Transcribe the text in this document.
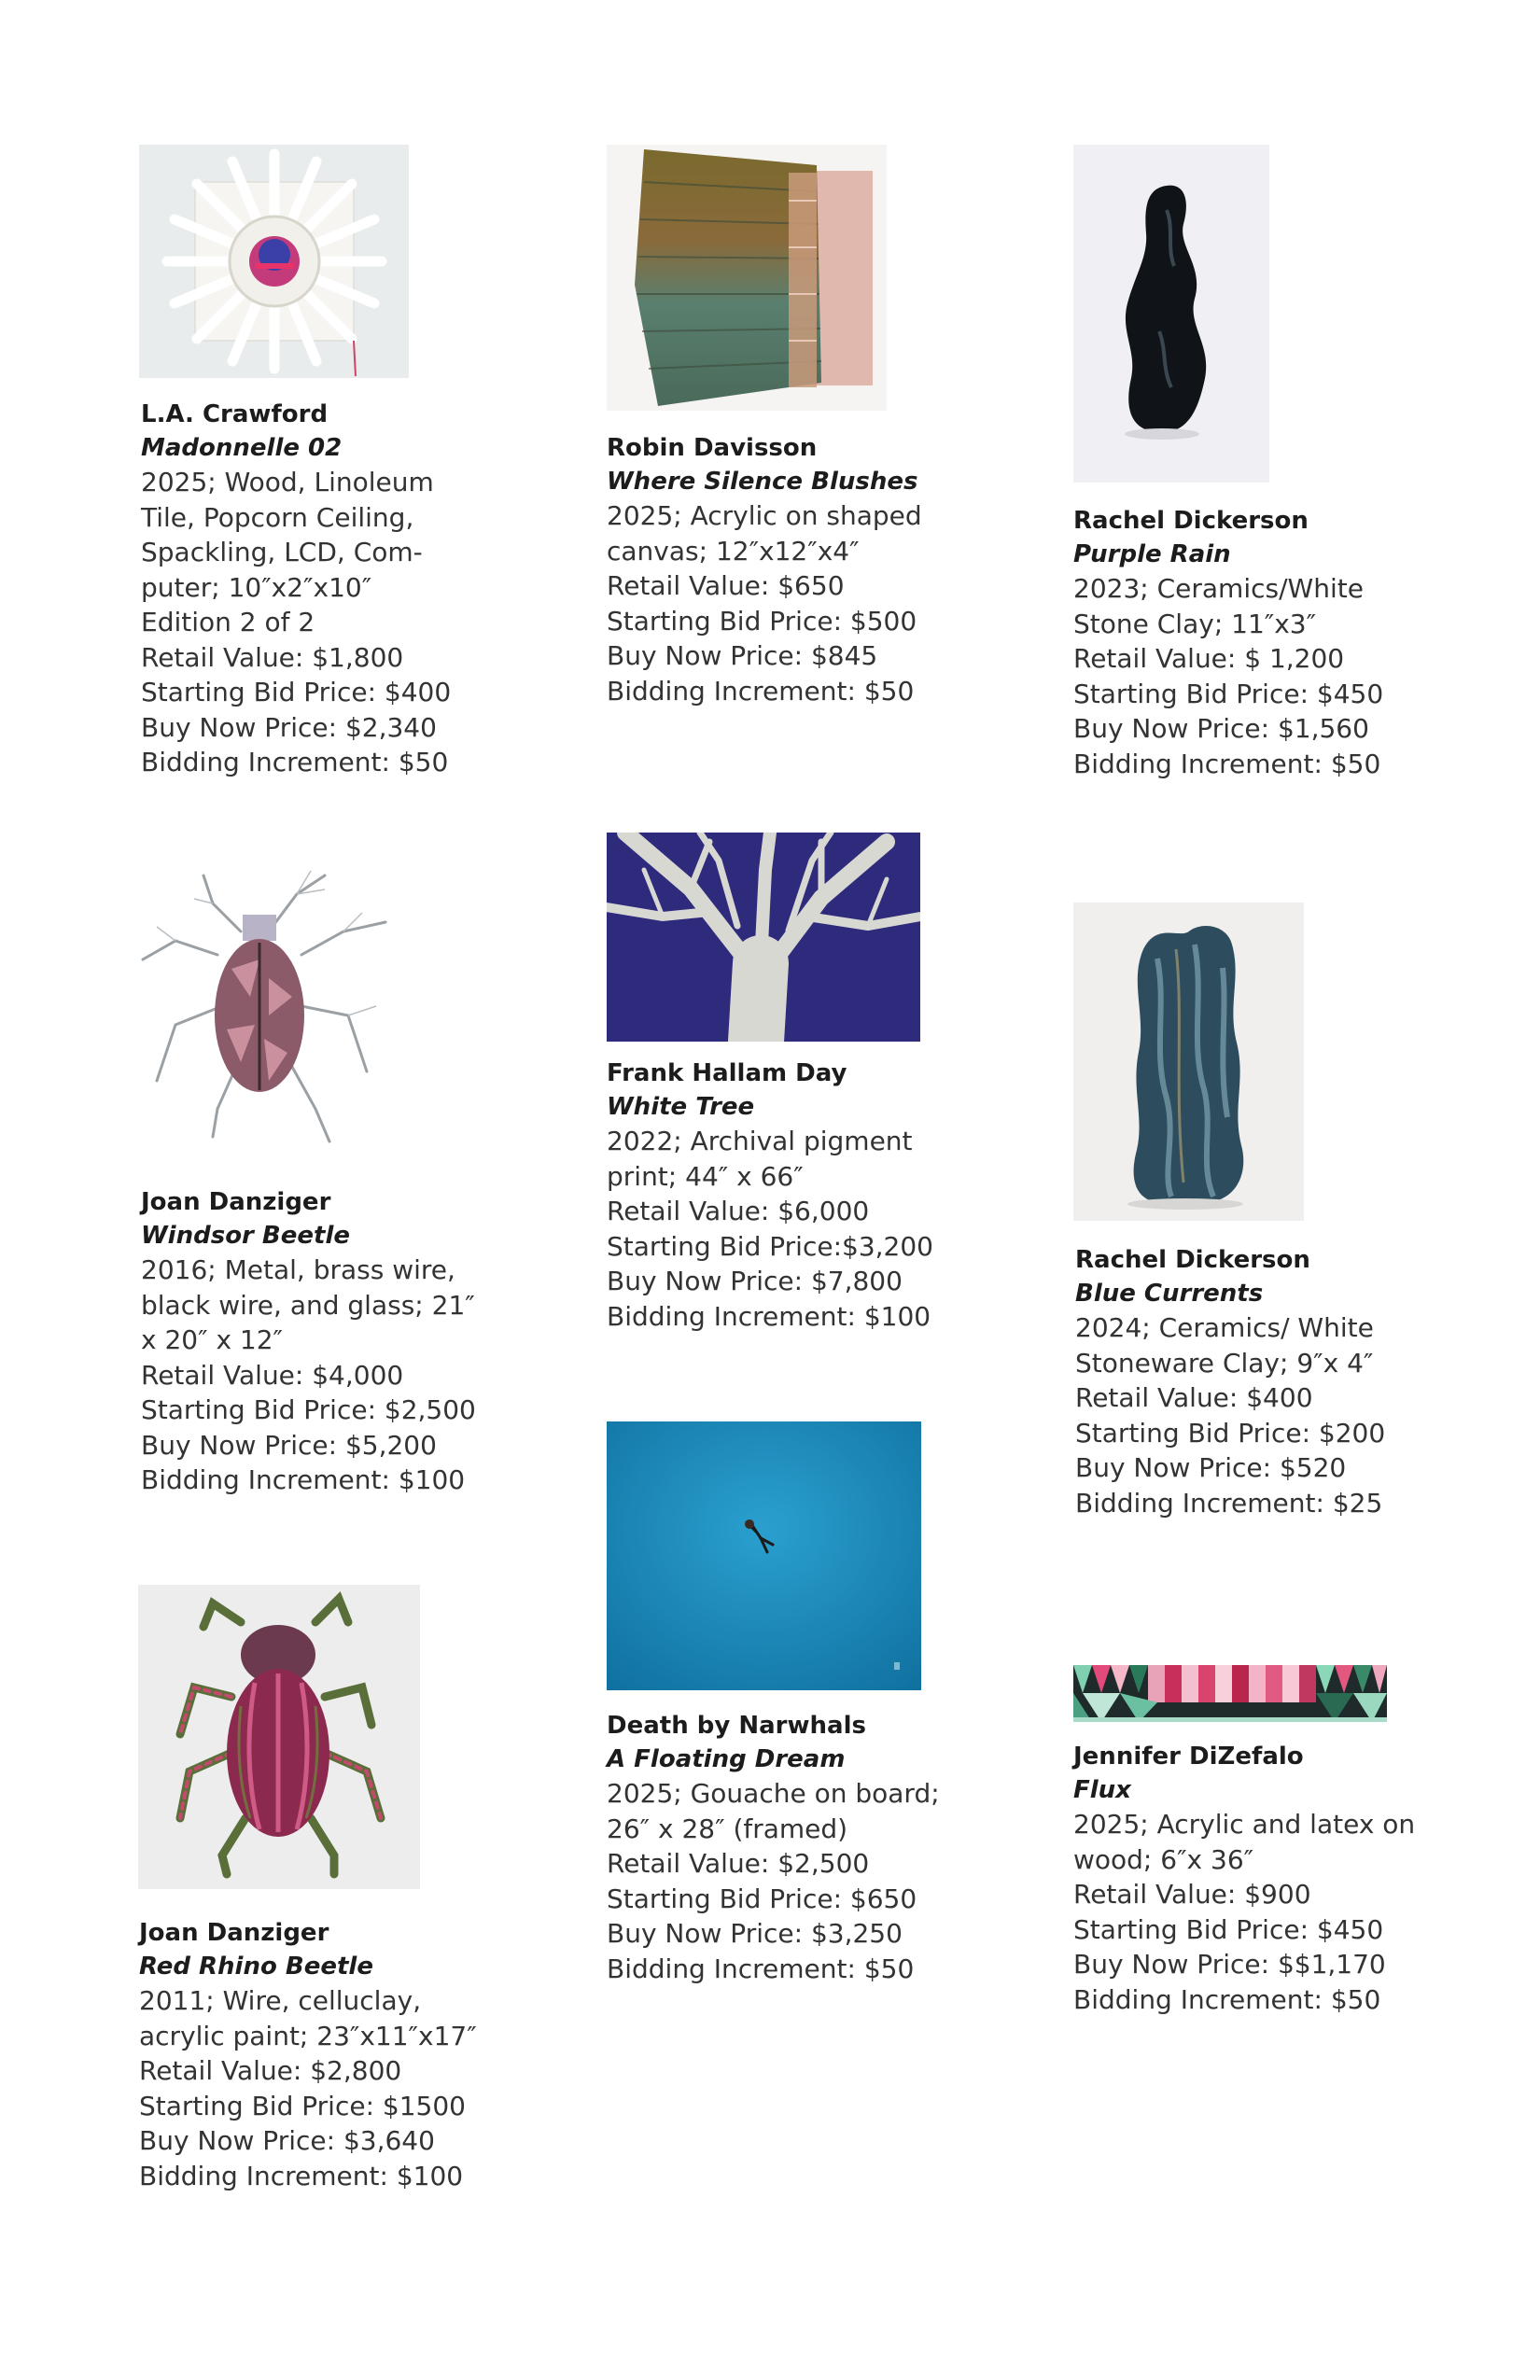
L.A. Crawford
Madonnelle 02
2025; Wood, Linoleum
Tile, Popcorn Ceiling,
Spackling, LCD, Com-
puter; 10″x2″x10″
Edition 2 of 2
Retail Value: $1,800
Starting Bid Price: $400
Buy Now Price: $2,340
Bidding Increment: $50
Robin Davisson
Where Silence Blushes
2025; Acrylic on shaped
canvas; 12″x12″x4″
Retail Value: $650
Starting Bid Price: $500
Buy Now Price: $845
Bidding Increment: $50
Rachel Dickerson
Purple Rain
2023; Ceramics/White
Stone Clay; 11″x3″
Retail Value: $ 1,200
Starting Bid Price: $450
Buy Now Price: $1,560
Bidding Increment: $50
Joan Danziger
Windsor Beetle
2016; Metal, brass wire,
black wire, and glass; 21″
x 20″ x 12″
Retail Value: $4,000
Starting Bid Price: $2,500
Buy Now Price: $5,200
Bidding Increment: $100
Frank Hallam Day
White Tree
2022; Archival pigment
print; 44″ x 66″
Retail Value: $6,000
Starting Bid Price:$3,200
Buy Now Price: $7,800
Bidding Increment: $100
Rachel Dickerson
Blue Currents
2024; Ceramics/ White
Stoneware Clay; 9″x 4″
Retail Value: $400
Starting Bid Price: $200
Buy Now Price: $520
Bidding Increment: $25
Joan Danziger
Red Rhino Beetle
2011; Wire, celluclay,
acrylic paint; 23″x11″x17″
Retail Value: $2,800
Starting Bid Price: $1500
Buy Now Price: $3,640
Bidding Increment: $100
Death by Narwhals
A Floating Dream
2025; Gouache on board;
26″ x 28″ (framed)
Retail Value: $2,500
Starting Bid Price: $650
Buy Now Price: $3,250
Bidding Increment: $50
Jennifer DiZefalo
Flux
2025; Acrylic and latex on
wood; 6″x 36″
Retail Value: $900
Starting Bid Price: $450
Buy Now Price: $$1,170
Bidding Increment: $50
